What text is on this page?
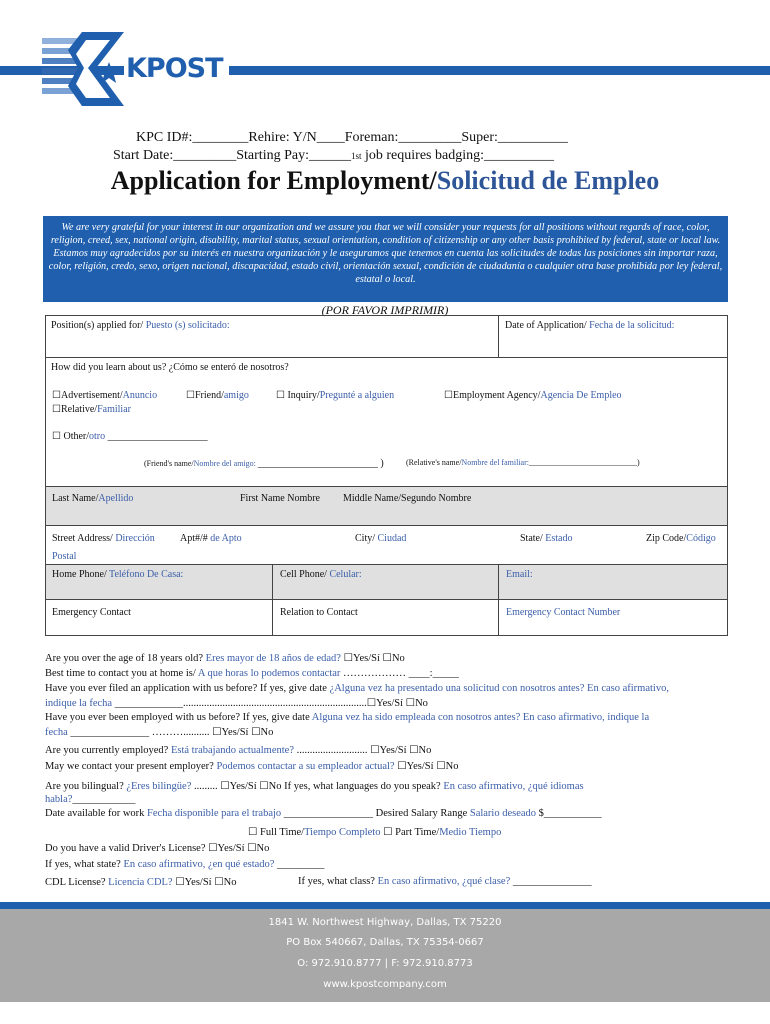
KPOST
KPC ID#:________Rehire: Y/N____Foreman:_________Super:__________
Start Date:_________Starting Pay:______1st job requires badging:__________
Application for Employment/Solicitud de Empleo
We are very grateful for your interest in our organization and we assure you that we will consider your requests for all positions without regards of race, color, religion, creed, sex, national origin, disability, marital status, sexual orientation, condition of citizenship or any other basis prohibited by federal, state or local law.
Estamos muy agradecidos por su interés en nuestra organización y le aseguramos que tenemos en cuenta las solicitudes de todas las posiciones sin importar raza, color, religión, credo, sexo, origen nacional, discapacidad, estado civil, orientación sexual, condición de ciudadanía o cualquier otra base prohibida por ley federal, estatal o local.
(POR FAVOR IMPRIMIR)
Position(s) applied for/ Puesto (s) solicitado:	Date of Application/ Fecha de la solicitud:
How did you learn about us? ¿Cómo se enteró de nosotros?
☐Advertisement/Anuncio	☐Friend/amigo	☐ Inquiry/Pregunté a alguien	☐Employment Agency/Agencia De Empleo
☐Relative/Familiar
☐ Other/otro ____________________
(Friend's name/Nombre del amigo: ________________________ )	(Relative's name/Nombre del familiar:___________________________)
Last Name/Apellido	First Name Nombre Middle Name/Segundo Nombre
Street Address/ Dirección	Apt#/# de Apto	City/ Ciudad	State/ Estado	Zip Code/Código
Postal
Home Phone/ Teléfono De Casa:	Cell Phone/ Celular:	Email:
Emergency Contact	Relation to Contact	Emergency Contact Number
Are you over the age of 18 years old? Eres mayor de 18 años de edad? ☐Yes/Sí ☐No
Best time to contact you at home is/ A que horas lo podemos contactar ……………… ____:_____
Have you ever filed an application with us before? If yes, give date ¿Alguna vez ha presentado una solicitud con nosotros antes? En caso afirmativo,
indique la fecha _____________......................................................................☐Yes/Sí ☐No
Have you ever been employed with us before? If yes, give date Alguna vez ha sido empleada con nosotros antes? En caso afirmativo, indique la
fecha _______________ ……….......... ☐Yes/Sí ☐No
Are you currently employed? Está trabajando actualmente? ........................... ☐Yes/Sí ☐No
May we contact your present employer? Podemos contactar a su empleador actual? ☐Yes/Sí ☐No
Are you bilingual? ¿Eres bilingüe? ......... ☐Yes/Sí ☐No If yes, what languages do you speak? En caso afirmativo, ¿qué idiomas
habla?____________
Date available for work Fecha disponible para el trabajo _________________ Desired Salary Range Salario deseado $___________
☐ Full Time/Tiempo Completo ☐ Part Time/Medio Tiempo
Do you have a valid Driver's License? ☐Yes/Sí ☐No
If yes, what state? En caso afirmativo, ¿en qué estado? _________
CDL License? Licencia CDL? ☐Yes/Sí ☐No	If yes, what class? En caso afirmativo, ¿qué clase? _______________
1841 W. Northwest Highway, Dallas, TX 75220
PO Box 540667, Dallas, TX 75354-0667
O: 972.910.8777 | F: 972.910.8773
www.kpostcompany.com
